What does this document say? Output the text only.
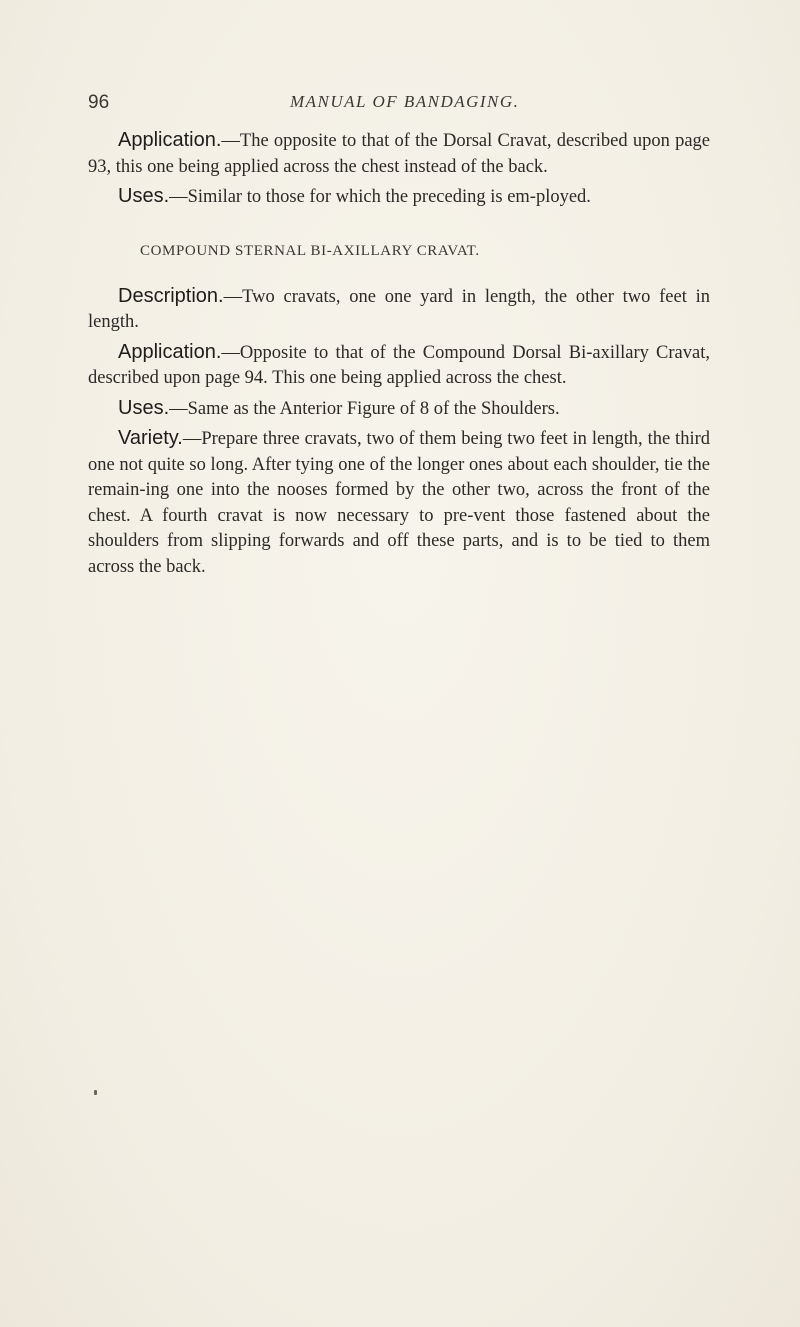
96	MANUAL OF BANDAGING.

Application.—The opposite to that of the Dorsal Cravat, described upon page 93, this one being applied across the chest instead of the back.

Uses.—Similar to those for which the preceding is em-ployed.

COMPOUND STERNAL BI-AXILLARY CRAVAT.

Description.—Two cravats, one one yard in length, the other two feet in length.

Application.—Opposite to that of the Compound Dorsal Bi-axillary Cravat, described upon page 94. This one being applied across the chest.

Uses.—Same as the Anterior Figure of 8 of the Shoulders.

Variety.—Prepare three cravats, two of them being two feet in length, the third one not quite so long. After tying one of the longer ones about each shoulder, tie the remain-ing one into the nooses formed by the other two, across the front of the chest. A fourth cravat is now necessary to pre-vent those fastened about the shoulders from slipping forwards and off these parts, and is to be tied to them across the back.
